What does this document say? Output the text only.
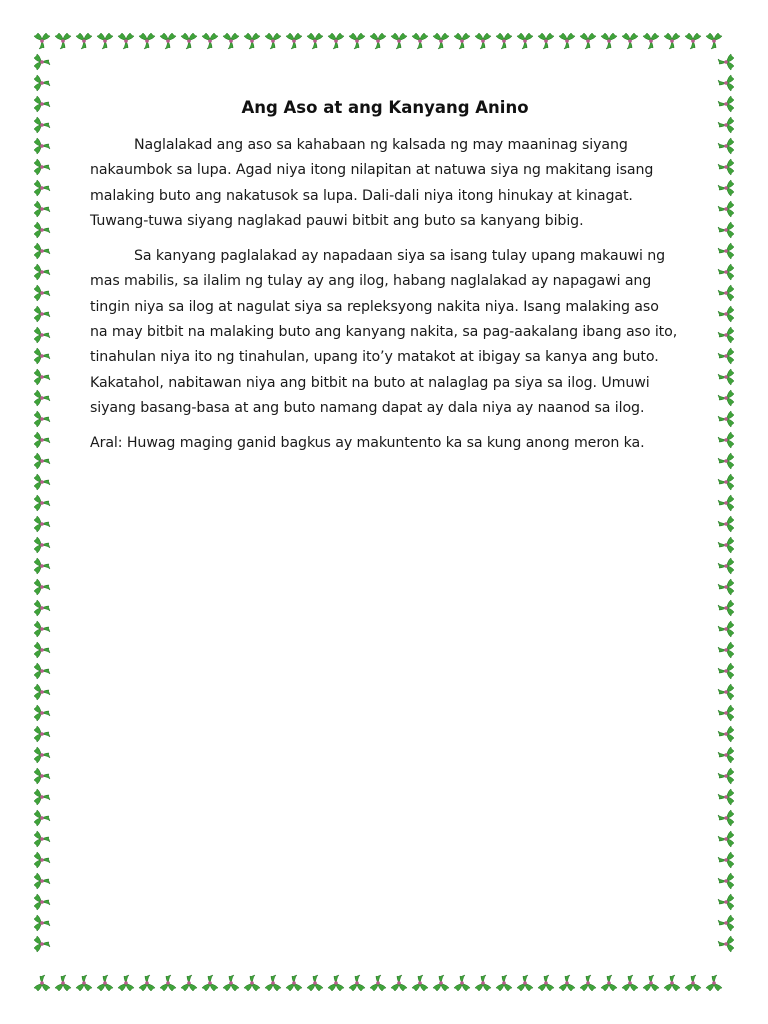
Ang Aso at ang Kanyang Anino

Naglalakad ang aso sa kahabaan ng kalsada ng may maaninag siyang nakaumbok sa lupa. Agad niya itong nilapitan at natuwa siya ng makitang isang malaking buto ang nakatusok sa lupa. Dali-dali niya itong hinukay at kinagat. Tuwang-tuwa siyang naglakad pauwi bitbit ang buto sa kanyang bibig.

Sa kanyang paglalakad ay napadaan siya sa isang tulay upang makauwi ng mas mabilis, sa ilalim ng tulay ay ang ilog, habang naglalakad ay napagawi ang tingin niya sa ilog at nagulat siya sa repleksyong nakita niya. Isang malaking aso na may bitbit na malaking buto ang kanyang nakita, sa pag-aakalang ibang aso ito, tinahulan niya ito ng tinahulan, upang ito’y matakot at ibigay sa kanya ang buto. Kakatahol, nabitawan niya ang bitbit na buto at nalaglag pa siya sa ilog. Umuwi siyang basang-basa at ang buto namang dapat ay dala niya ay naanod sa ilog.

Aral: Huwag maging ganid bagkus ay makuntento ka sa kung anong meron ka.
